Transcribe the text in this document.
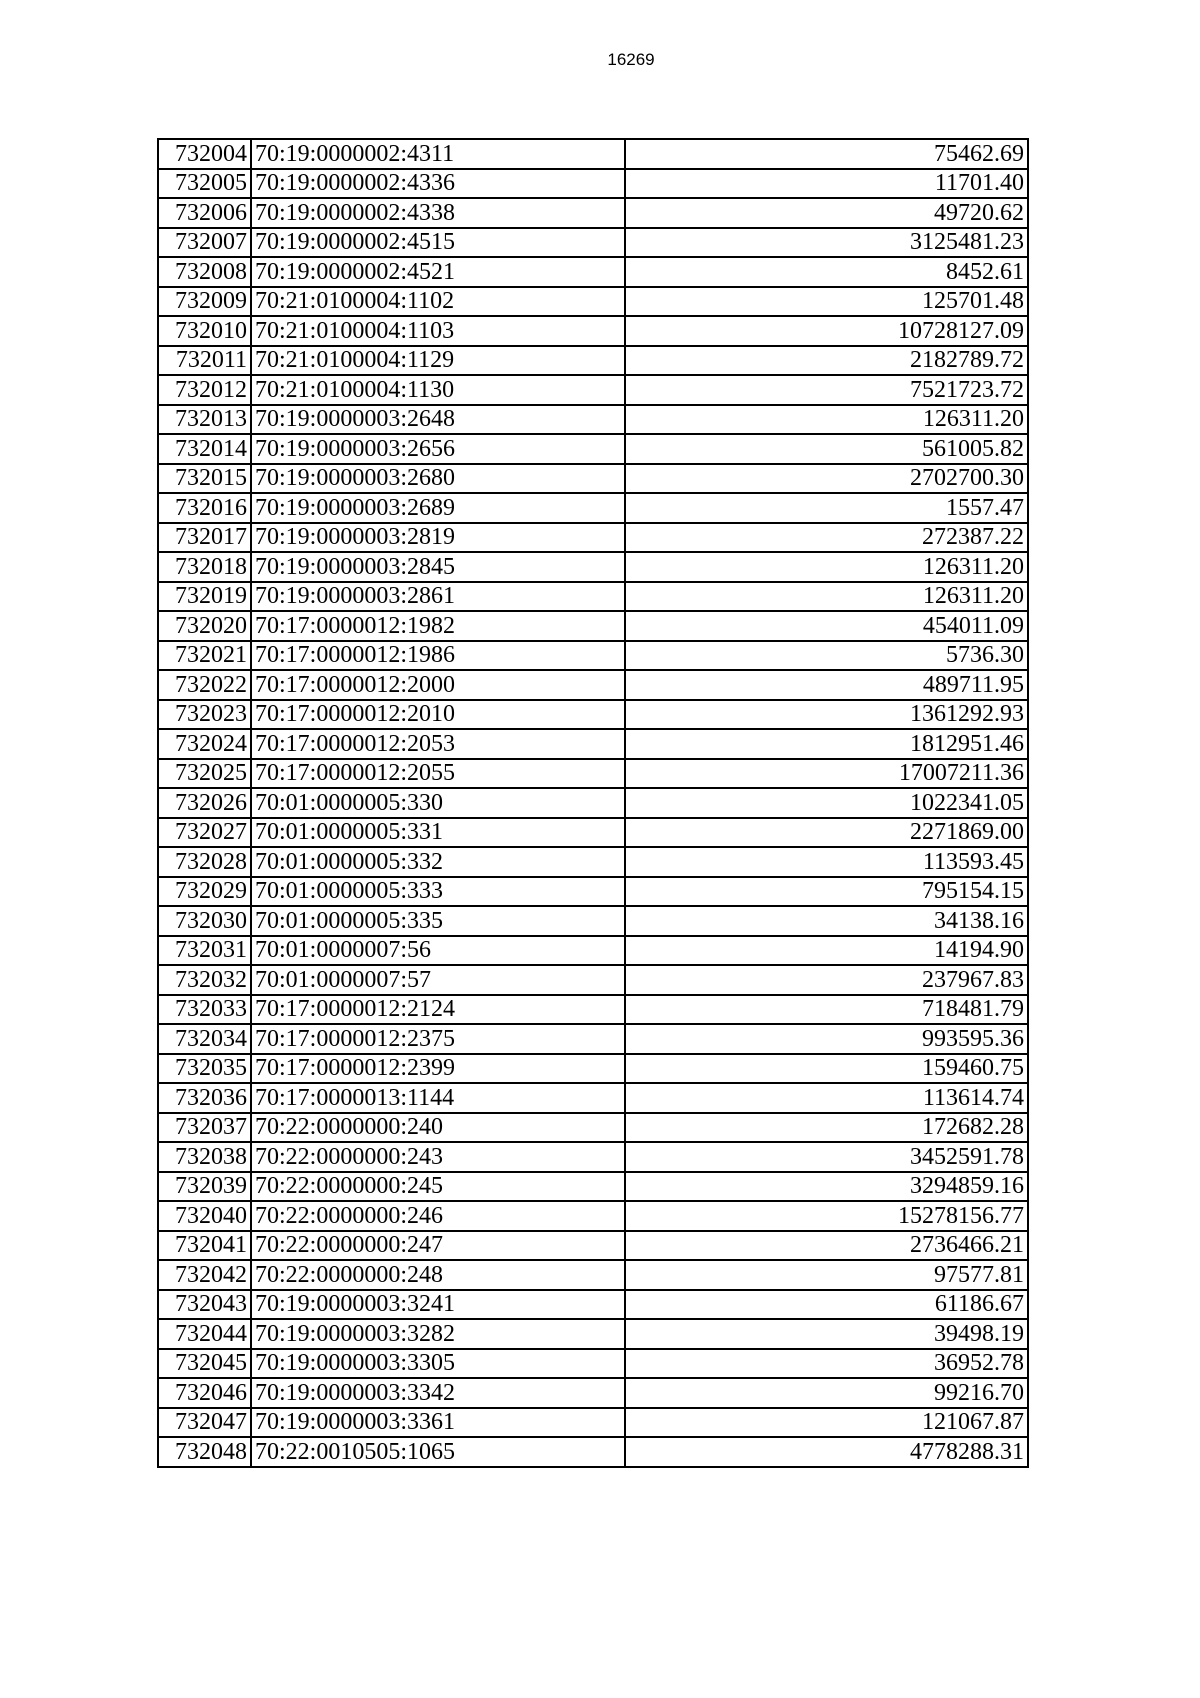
16269
732004	70:19:0000002:4311	75462.69
732005	70:19:0000002:4336	11701.40
732006	70:19:0000002:4338	49720.62
732007	70:19:0000002:4515	3125481.23
732008	70:19:0000002:4521	8452.61
732009	70:21:0100004:1102	125701.48
732010	70:21:0100004:1103	10728127.09
732011	70:21:0100004:1129	2182789.72
732012	70:21:0100004:1130	7521723.72
732013	70:19:0000003:2648	126311.20
732014	70:19:0000003:2656	561005.82
732015	70:19:0000003:2680	2702700.30
732016	70:19:0000003:2689	1557.47
732017	70:19:0000003:2819	272387.22
732018	70:19:0000003:2845	126311.20
732019	70:19:0000003:2861	126311.20
732020	70:17:0000012:1982	454011.09
732021	70:17:0000012:1986	5736.30
732022	70:17:0000012:2000	489711.95
732023	70:17:0000012:2010	1361292.93
732024	70:17:0000012:2053	1812951.46
732025	70:17:0000012:2055	17007211.36
732026	70:01:0000005:330	1022341.05
732027	70:01:0000005:331	2271869.00
732028	70:01:0000005:332	113593.45
732029	70:01:0000005:333	795154.15
732030	70:01:0000005:335	34138.16
732031	70:01:0000007:56	14194.90
732032	70:01:0000007:57	237967.83
732033	70:17:0000012:2124	718481.79
732034	70:17:0000012:2375	993595.36
732035	70:17:0000012:2399	159460.75
732036	70:17:0000013:1144	113614.74
732037	70:22:0000000:240	172682.28
732038	70:22:0000000:243	3452591.78
732039	70:22:0000000:245	3294859.16
732040	70:22:0000000:246	15278156.77
732041	70:22:0000000:247	2736466.21
732042	70:22:0000000:248	97577.81
732043	70:19:0000003:3241	61186.67
732044	70:19:0000003:3282	39498.19
732045	70:19:0000003:3305	36952.78
732046	70:19:0000003:3342	99216.70
732047	70:19:0000003:3361	121067.87
732048	70:22:0010505:1065	4778288.31
